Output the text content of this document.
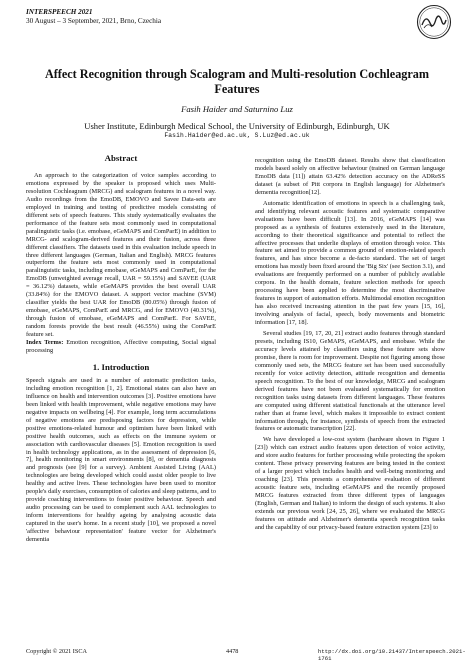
INTERSPEECH 2021
30 August – 3 September, 2021, Brno, Czechia
Affect Recognition through Scalogram and Multi-resolution Cochleagram Features
Fasih Haider and Saturnino Luz
Usher Institute, Edinburgh Medical School, the University of Edinburgh, Edinburgh, UK
Fasih.Haider@ed.ac.uk, S.Luz@ed.ac.uk
Abstract

An approach to the categorization of voice samples according to emotions expressed by the speaker is proposed which uses Multi-resolution Cochleagram (MRCG) and scalogram features in a novel way. Audio recordings from the EmoDB, EMOVO and Savee Data-sets are employed in training and testing of predictive models consisting of different sets of speech features. This study systematically evaluates the performance of the feature sets most commonly used in computational paralinguistic tasks (i.e. emobase, eGeMAPS and ComParE) in addition to MRCG- and scalogram-derived features and their fusion, across three different classifiers. The datasets used in this evaluation include speech in three different languages (German, Italian and English). MRCG features outperform the feature sets most commonly used in computational paralinguistic tasks, including emobase, eGeMAPS and ComParE, for the EmoDB (unweighted average recall, UAR = 59.15%) and SAVEE (UAR = 36.12%) datasets, while eGeMAPS provides the best overall UAR (33.84%) for the EMOVO dataset. A support vector machine (SVM) classifier yields the best UAR for EmoDB (80.05%) through fusion of emobase, eGeMAPS, ComParE and MRCG, and for EMOVO (40.31%), through fusion of emobase, eGeMAPS and ComParE. For SAVEE, random forests provide the best result (46.55%) using the ComParE feature set.

Index Terms: Emotion recognition, Affective computing, Social signal processing

1. Introduction

Speech signals are used in a number of automatic prediction tasks, including emotion recognition [1, 2]. Emotional states can also have an influence on health and intervention outcomes [3]. Positive emotions have been linked with health improvement, while negative emotions may have negative impacts on wellbeing [4]. For example, long term accumulations of negative emotions are predisposing factors for depression, while positive emotions-related humour and optimism have been linked with positive health outcomes, such as effects on the immune system or association with cardiovascular diseases [5]. Emotion recognition is used in health technology applications, as in the assessment of depression [6, 7], health monitoring in smart environments [8], or dementia diagnosis and prognosis (see [9] for a survey). Ambient Assisted Living (AAL) technologies are being developed which could assist older people to live healthy and active lives. These technologies have been used to monitor people's daily exercises, consumption of calories and sleep patterns, and to provide coaching interventions to foster positive behaviour. Speech and audio processing can be used to complement such AAL technologies to inform interventions for healthy ageing by analysing acoustic data captured in the user's home. In a recent study [10], we proposed a novel 'affective behaviour representation' feature vector for Alzheimer's dementia

recognition using the EmoDB dataset. Results show that classification models based solely on affective behaviour (trained on German language EmoDB data [11]) attain 63.42% detection accuracy on the ADReSS dataset (a subset of Pitt corpora in English language) for Alzheimer's dementia recognition[12].

Automatic identification of emotions in speech is a challenging task, and identifying relevant acoustic features and systematic comparative evaluations have been difficult [13]. In 2016, eGeMAPS [14] was proposed as a synthesis of features extensively used in the literature, according to their theoretical significance and potential to reflect the affective processes that underlie displays of emotion through voice. This feature set aimed to provide a common ground of emotion-related speech features, and has since become a de-facto standard. The set of target emotions has mostly been fixed around the 'Big Six' (see Section 3.1), and evaluations are frequently performed on a number of publicly available corpora. In the health domain, feature selection methods for speech processing have been applied to determine the most discriminative features in support of automation efforts. Multimodal emotion recognition has also received increasing attention in the past few years [15, 16], involving analysis of facial, speech, body movements and biometric information [17, 18].

Several studies [19, 17, 20, 21] extract audio features through standard presets, including IS10, GeMAPS, eGeMAPS, and emobase. While the accuracy levels attained by classifiers using these feature sets show promise, there is room for improvement. Despite not figuring among those commonly used sets, the MRCG feature set has been used successfully recently for voice activity detection, attitude recognition and dementia speech recognition. To the best of our knowledge, MRCG and scalogram derived features have not been evaluated systematically for emotion recognition tasks using datasets from different languages. These features are computed using different statistical functionals at the utterance level rather than at frame level, which makes it impossible to extract content information through, for instance, synthesis of speech from the extracted features or automatic transcription [22].

We have developed a low-cost system (hardware shown in Figure 1 [23]) which can extract audio features upon detection of voice activity, and store audio features for further processing while protecting the spoken content. These privacy preserving features are being tested in the context of a larger project which includes health and well-being monitoring and coaching [23]. This presents a comprehensive evaluation of different acoustic feature sets, including eGeMAPS and the recently proposed MRCG features extracted from three different types of languages (English, German and Italian) to inform the design of such systems. It also extends our previous work [24, 25, 26], where we evaluated the MRCG features on attitude and Alzheimer's dementia speech recognition tasks and the capability of our privacy-based feature extraction system [23] to

Copyright © 2021 ISCA	4478	http://dx.doi.org/10.21437/Interspeech.2021-1761
